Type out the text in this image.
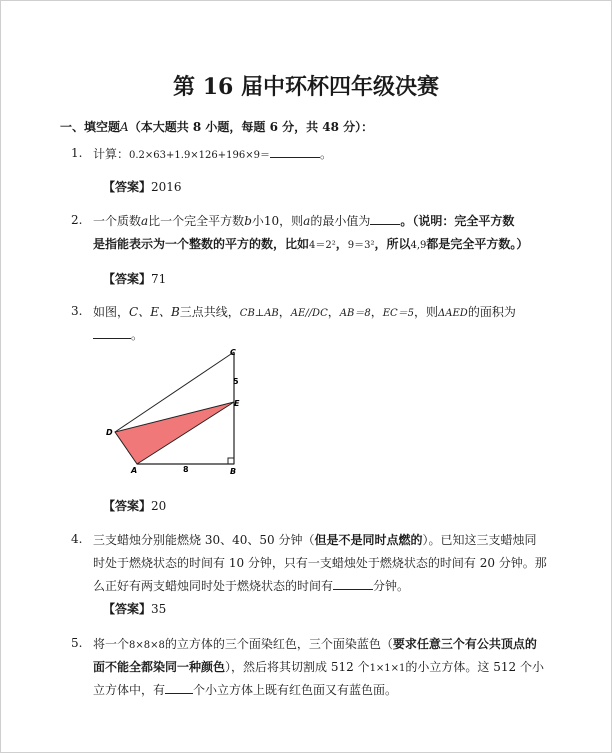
第 16 届中环杯四年级决赛
一、填空题A（本大题共 8 小题，每题 6 分，共 48 分）：
1. 计算：0.2×63+1.9×126+196×9＝	。
【答案】2016
2. 一个质数a比一个完全平方数b小10，则a的最小值为	。（说明：完全平方数
是指能表示为一个整数的平方的数，比如4＝2²，9＝3²，所以4,9都是完全平方数。）
【答案】71
3. 如图，C、E、B三点共线，CB⊥AB，AE//DC，AB＝8，EC＝5，则ΔAED的面积为
。
C
5
E
D
A	8	B
【答案】20
4. 三支蜡烛分别能燃烧 30、40、50 分钟（但是不是同时点燃的）。已知这三支蜡烛同
时处于燃烧状态的时间有 10 分钟，只有一支蜡烛处于燃烧状态的时间有 20 分钟。那
么正好有两支蜡烛同时处于燃烧状态的时间有	分钟。
【答案】35
5. 将一个8×8×8的立方体的三个面染红色，三个面染蓝色（要求任意三个有公共顶点的
面不能全都染同一种颜色），然后将其切割成 512 个1×1×1的小立方体。这 512 个小
立方体中，有 个小立方体上既有红色面又有蓝色面。
